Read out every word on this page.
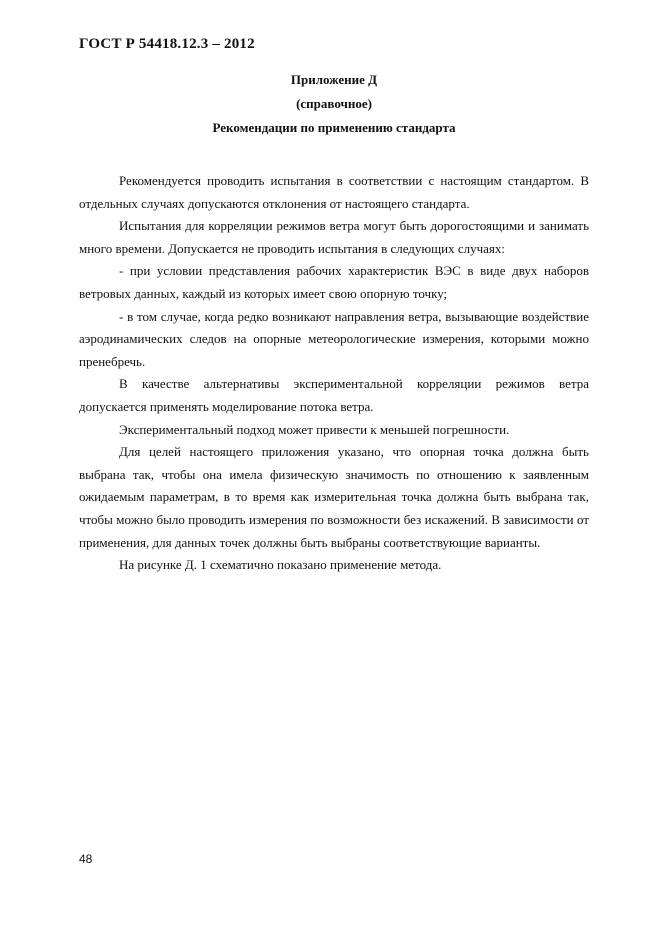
ГОСТ Р 54418.12.3 – 2012
Приложение Д
(справочное)
Рекомендации по применению стандарта

Рекомендуется проводить испытания в соответствии с настоящим стандартом. В отдельных случаях допускаются отклонения от настоящего стандарта.

Испытания для корреляции режимов ветра могут быть дорогостоящими и занимать много времени. Допускается не проводить испытания в следующих случаях:

- при условии представления рабочих характеристик ВЭС в виде двух наборов ветровых данных, каждый из которых имеет свою опорную точку;

- в том случае, когда редко возникают направления ветра, вызывающие воздействие аэродинамических следов на опорные метеорологические измерения, которыми можно пренебречь.

В качестве альтернативы экспериментальной корреляции режимов ветра допускается применять моделирование потока ветра.

Экспериментальный подход может привести к меньшей погрешности.

Для целей настоящего приложения указано, что опорная точка должна быть выбрана так, чтобы она имела физическую значимость по отношению к заявленным ожидаемым параметрам, в то время как измерительная точка должна быть выбрана так, чтобы можно было проводить измерения по возможности без искажений. В зависимости от применения, для данных точек должны быть выбраны соответствующие варианты.

На рисунке Д. 1 схематично показано применение метода.

48
